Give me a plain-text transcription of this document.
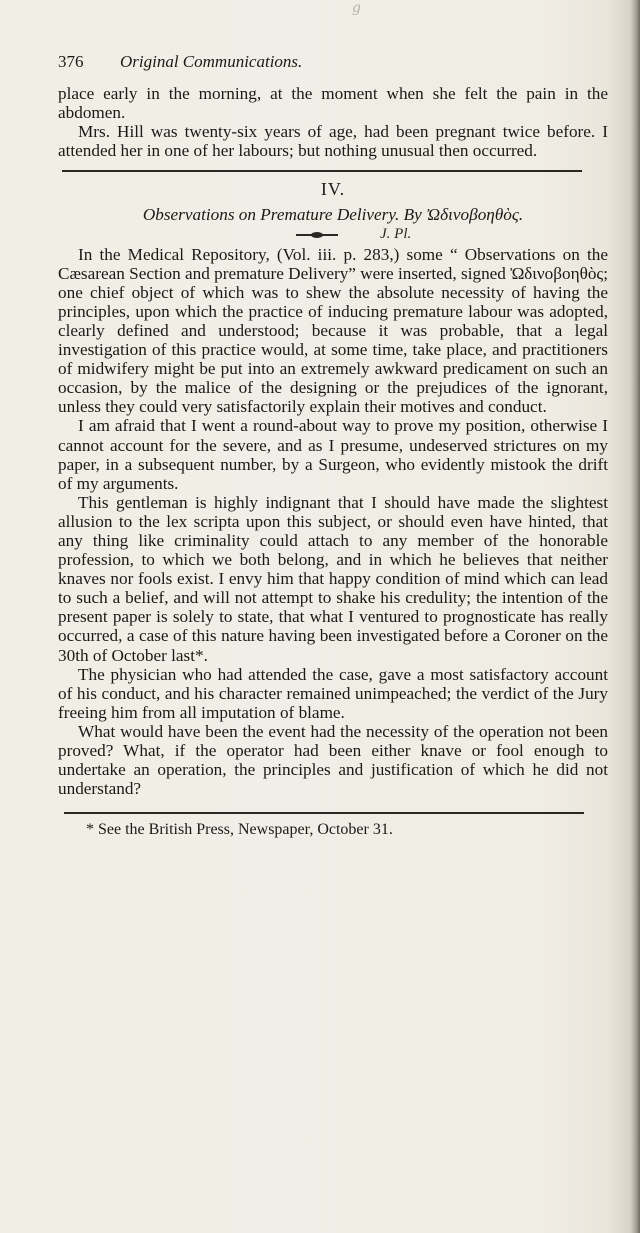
g
376 Original Communications.

place early in the morning, at the moment when she felt the pain in the abdomen.

Mrs. Hill was twenty-six years of age, had been pregnant twice before. I attended her in one of her labours; but nothing unusual then occurred.

IV.

Observations on Premature Delivery. By Ὠδινοβοηθὸς.

J. Pl.

In the Medical Repository, (Vol. iii. p. 283,) some “ Observations on the Cæsarean Section and premature Delivery” were inserted, signed Ὠδινοβοηθὸς; one chief object of which was to shew the absolute necessity of having the principles, upon which the practice of inducing premature labour was adopted, clearly defined and understood; because it was probable, that a legal investigation of this practice would, at some time, take place, and practitioners of midwifery might be put into an extremely awkward predicament on such an occasion, by the malice of the designing or the prejudices of the ignorant, unless they could very satisfactorily explain their motives and conduct.

I am afraid that I went a round-about way to prove my position, otherwise I cannot account for the severe, and as I presume, undeserved strictures on my paper, in a subsequent number, by a Surgeon, who evidently mistook the drift of my arguments.

This gentleman is highly indignant that I should have made the slightest allusion to the lex scripta upon this subject, or should even have hinted, that any thing like criminality could attach to any member of the honorable profession, to which we both belong, and in which he believes that neither knaves nor fools exist. I envy him that happy condition of mind which can lead to such a belief, and will not attempt to shake his credulity; the intention of the present paper is solely to state, that what I ventured to prognosticate has really occurred, a case of this nature having been investigated before a Coroner on the 30th of October last*.

The physician who had attended the case, gave a most satisfactory account of his conduct, and his character remained unimpeached; the verdict of the Jury freeing him from all imputation of blame.

What would have been the event had the necessity of the operation not been proved? What, if the operator had been either knave or fool enough to undertake an operation, the principles and justification of which he did not understand?

* See the British Press, Newspaper, October 31.
